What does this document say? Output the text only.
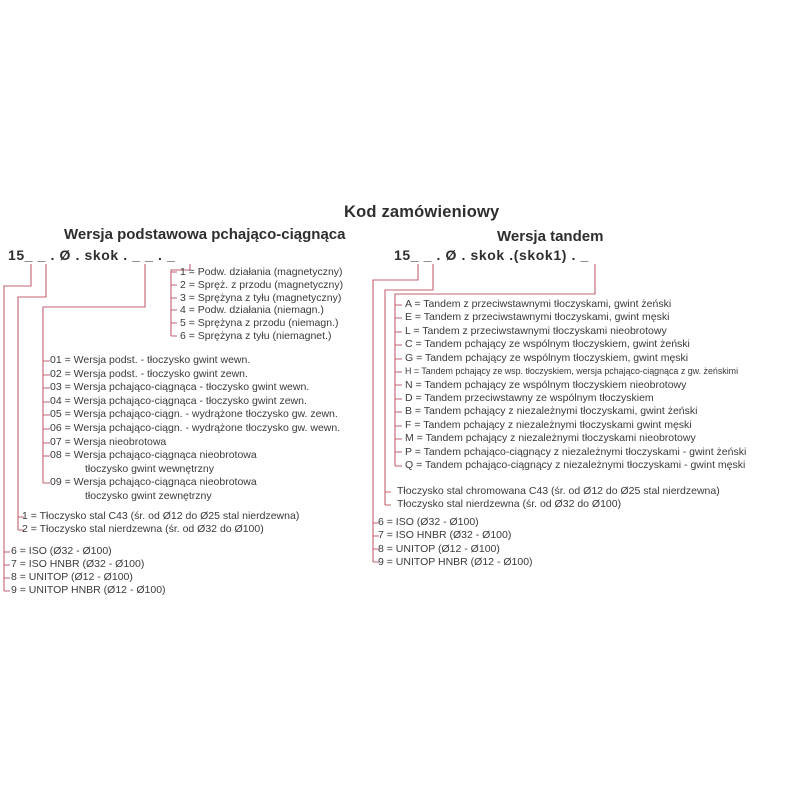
Kod zamówieniowy
Wersja podstawowa pchająco-ciągnąca	Wersja tandem
15_ _ . Ø . skok . _ _ . _	15_ _ . Ø . skok .(skok1) . _
1 = Podw. działania (magnetyczny)
2 = Spręż. z przodu (magnetyczny)
3 = Sprężyna z tyłu (magnetyczny)
4 = Podw. działania (niemagn.)
5 = Sprężyna z przodu (niemagn.)
6 = Sprężyna z tyłu (niemagnet.)
01 = Wersja podst. - tłoczysko gwint wewn.
02 = Wersja podst. - tłoczysko gwint zewn.
03 = Wersja pchająco-ciągnąca - tłoczysko gwint wewn.
04 = Wersja pchająco-ciągnąca - tłoczysko gwint zewn.
05 = Wersja pchająco-ciągn. - wydrążone tłoczysko gw. zewn.
06 = Wersja pchająco-ciągn. - wydrążone tłoczysko gw. wewn.
07 = Wersja nieobrotowa
08 = Wersja pchająco-ciągnąca nieobrotowa
tłoczysko gwint wewnętrzny
09 = Wersja pchająco-ciągnąca nieobrotowa
tłoczysko gwint zewnętrzny
1 = Tłoczysko stal C43 (śr. od Ø12 do Ø25 stal nierdzewna)
2 = Tłoczysko stal nierdzewna (śr. od Ø32 do Ø100)
6 = ISO (Ø32 - Ø100)
7 = ISO HNBR (Ø32 - Ø100)
8 = UNITOP (Ø12 - Ø100)
9 = UNITOP HNBR (Ø12 - Ø100)
A = Tandem z przeciwstawnymi tłoczyskami, gwint żeński
E = Tandem z przeciwstawnymi tłoczyskami, gwint męski
L = Tandem z przeciwstawnymi tłoczyskami nieobrotowy
C = Tandem pchający ze wspólnym tłoczyskiem, gwint żeński
G = Tandem pchający ze wspólnym tłoczyskiem, gwint męski
H = Tandem pchający ze wsp. tłoczyskiem, wersja pchająco-ciągnąca z gw. żeńskimi
N = Tandem pchający ze wspólnym tłoczyskiem nieobrotowy
D = Tandem przeciwstawny ze wspólnym tłoczyskiem
B = Tandem pchający z niezależnymi tłoczyskami, gwint żeński
F = Tandem pchający z niezależnymi tłoczyskami gwint męski
M = Tandem pchający z niezależnymi tłoczyskami nieobrotowy
P = Tandem pchająco-ciągnący z niezależnymi tłoczyskami - gwint żeński
Q = Tandem pchająco-ciągnący z niezależnymi tłoczyskami - gwint męski
Tłoczysko stal chromowana C43 (śr. od Ø12 do Ø25 stal nierdzewna)
Tłoczysko stal nierdzewna (śr. od Ø32 do Ø100)
6 = ISO (Ø32 - Ø100)
7 = ISO HNBR (Ø32 - Ø100)
8 = UNITOP (Ø12 - Ø100)
9 = UNITOP HNBR (Ø12 - Ø100)
